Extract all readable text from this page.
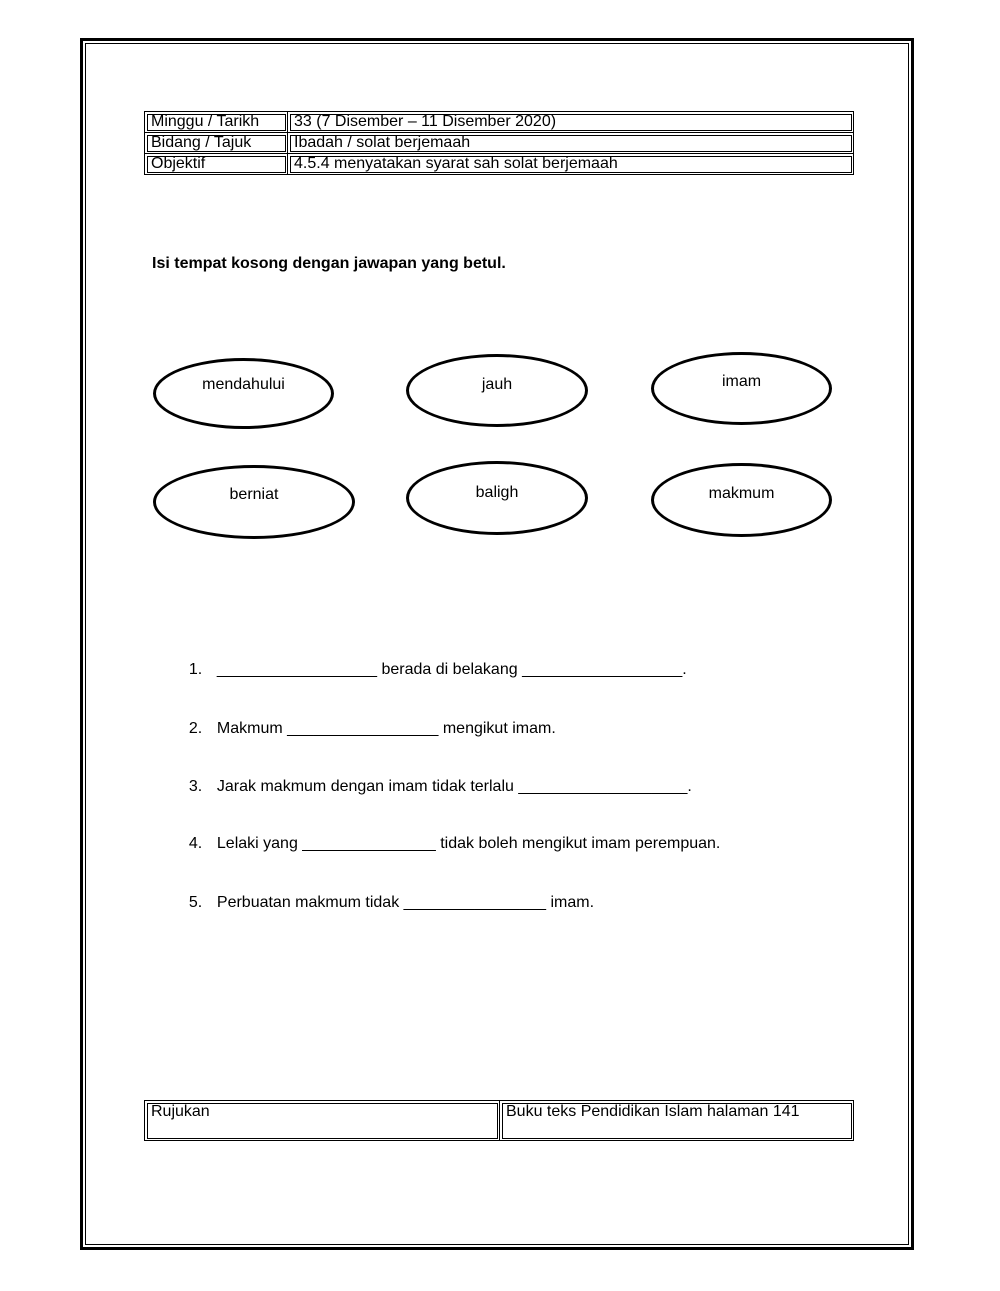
Minggu / Tarikh	33 (7 Disember – 11 Disember 2020)
Bidang / Tajuk	Ibadah / solat berjemaah
Objektif	4.5.4 menyatakan syarat sah solat berjemaah
Isi tempat kosong dengan jawapan yang betul.
mendahului	jauh	imam
berniat	baligh	makmum

1. __________________ berada di belakang __________________.

2. Makmum _________________ mengikut imam.

3. Jarak makmum dengan imam tidak terlalu ___________________.

4. Lelaki yang _______________ tidak boleh mengikut imam perempuan.

5. Perbuatan makmum tidak ________________ imam.

Rujukan	Buku teks Pendidikan Islam halaman 141
